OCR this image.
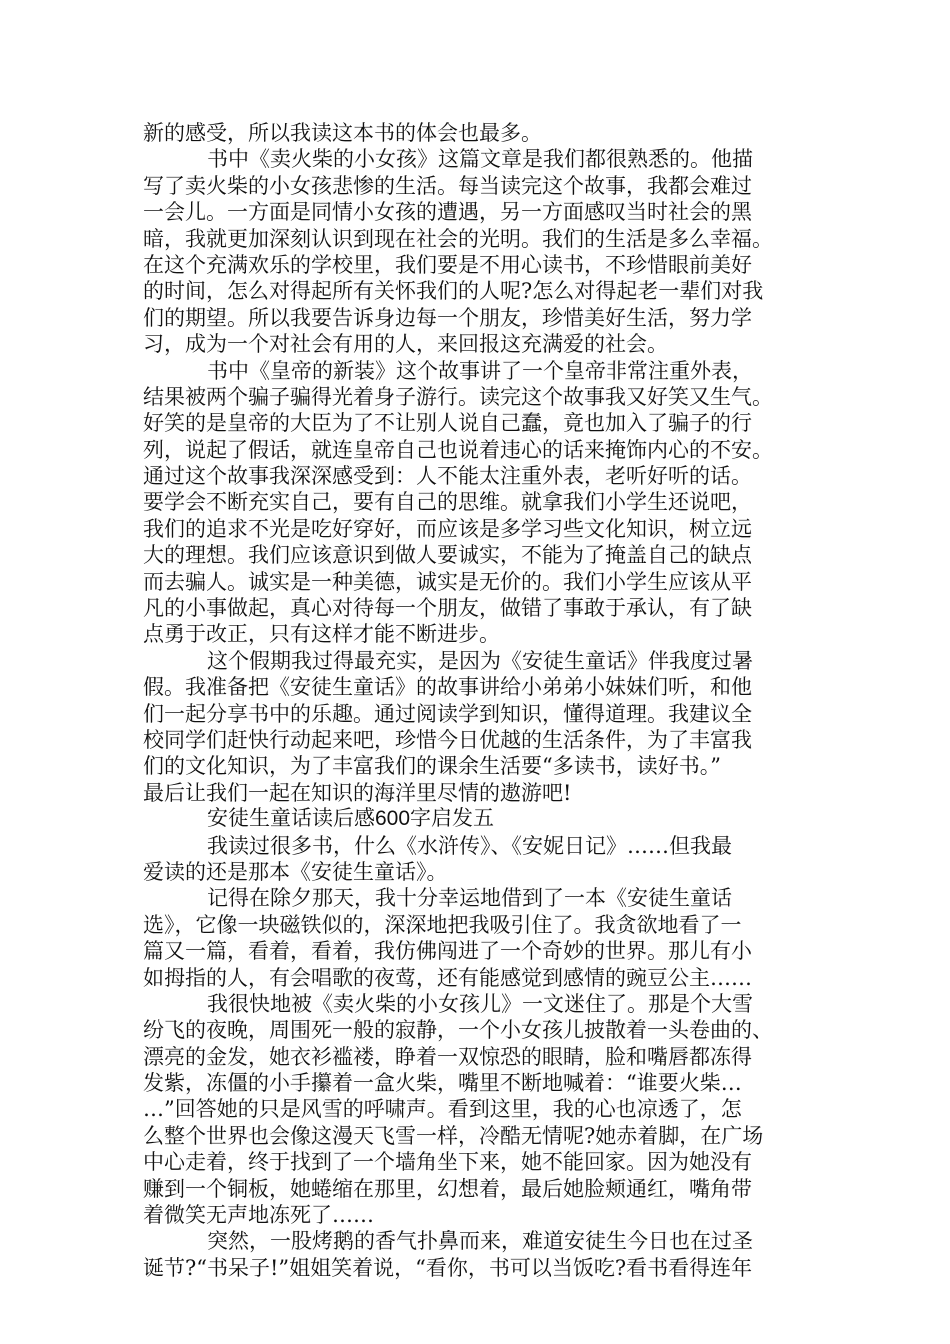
新的感受，所以我读这本书的体会也最多。
书中《卖火柴的小女孩》这篇文章是我们都很熟悉的。他描
写了卖火柴的小女孩悲惨的生活。每当读完这个故事，我都会难过
一会儿。一方面是同情小女孩的遭遇，另一方面感叹当时社会的黑
暗，我就更加深刻认识到现在社会的光明。我们的生活是多么幸福。
在这个充满欢乐的学校里，我们要是不用心读书，不珍惜眼前美好
的时间，怎么对得起所有关怀我们的人呢?怎么对得起老一辈们对我
们的期望。所以我要告诉身边每一个朋友，珍惜美好生活，努力学
习，成为一个对社会有用的人，来回报这充满爱的社会。
书中《皇帝的新装》这个故事讲了一个皇帝非常注重外表，
结果被两个骗子骗得光着身子游行。读完这个故事我又好笑又生气。
好笑的是皇帝的大臣为了不让别人说自己蠢，竟也加入了骗子的行
列，说起了假话，就连皇帝自己也说着违心的话来掩饰内心的不安。
通过这个故事我深深感受到：人不能太注重外表，老听好听的话。
要学会不断充实自己，要有自己的思维。就拿我们小学生还说吧，
我们的追求不光是吃好穿好，而应该是多学习些文化知识，树立远
大的理想。我们应该意识到做人要诚实，不能为了掩盖自己的缺点
而去骗人。诚实是一种美德，诚实是无价的。我们小学生应该从平
凡的小事做起，真心对待每一个朋友，做错了事敢于承认，有了缺
点勇于改正，只有这样才能不断进步。
这个假期我过得最充实，是因为《安徒生童话》伴我度过暑
假。我准备把《安徒生童话》的故事讲给小弟弟小妹妹们听，和他
们一起分享书中的乐趣。通过阅读学到知识，懂得道理。我建议全
校同学们赶快行动起来吧，珍惜今日优越的生活条件，为了丰富我
们的文化知识，为了丰富我们的课余生活要“多读书，读好书。”
最后让我们一起在知识的海洋里尽情的遨游吧!
安徒生童话读后感600字启发五
我读过很多书，什么《水浒传》、《安妮日记》……但我最
爱读的还是那本《安徒生童话》。
记得在除夕那天，我十分幸运地借到了一本《安徒生童话
选》，它像一块磁铁似的，深深地把我吸引住了。我贪欲地看了一
篇又一篇，看着，看着，我仿佛闯进了一个奇妙的世界。那儿有小
如拇指的人，有会唱歌的夜莺，还有能感觉到感情的豌豆公主……
我很快地被《卖火柴的小女孩儿》一文迷住了。那是个大雪
纷飞的夜晚，周围死一般的寂静，一个小女孩儿披散着一头卷曲的、
漂亮的金发，她衣衫褴褛，睁着一双惊恐的眼睛，脸和嘴唇都冻得
发紫，冻僵的小手攥着一盒火柴，嘴里不断地喊着：“谁要火柴…
…”回答她的只是风雪的呼啸声。看到这里，我的心也凉透了，怎
么整个世界也会像这漫天飞雪一样，冷酷无情呢?她赤着脚，在广场
中心走着，终于找到了一个墙角坐下来，她不能回家。因为她没有
赚到一个铜板，她蜷缩在那里，幻想着，最后她脸颊通红，嘴角带
着微笑无声地冻死了……
突然，一股烤鹅的香气扑鼻而来，难道安徒生今日也在过圣
诞节?“书呆子!”姐姐笑着说，“看你，书可以当饭吃?看书看得连年
